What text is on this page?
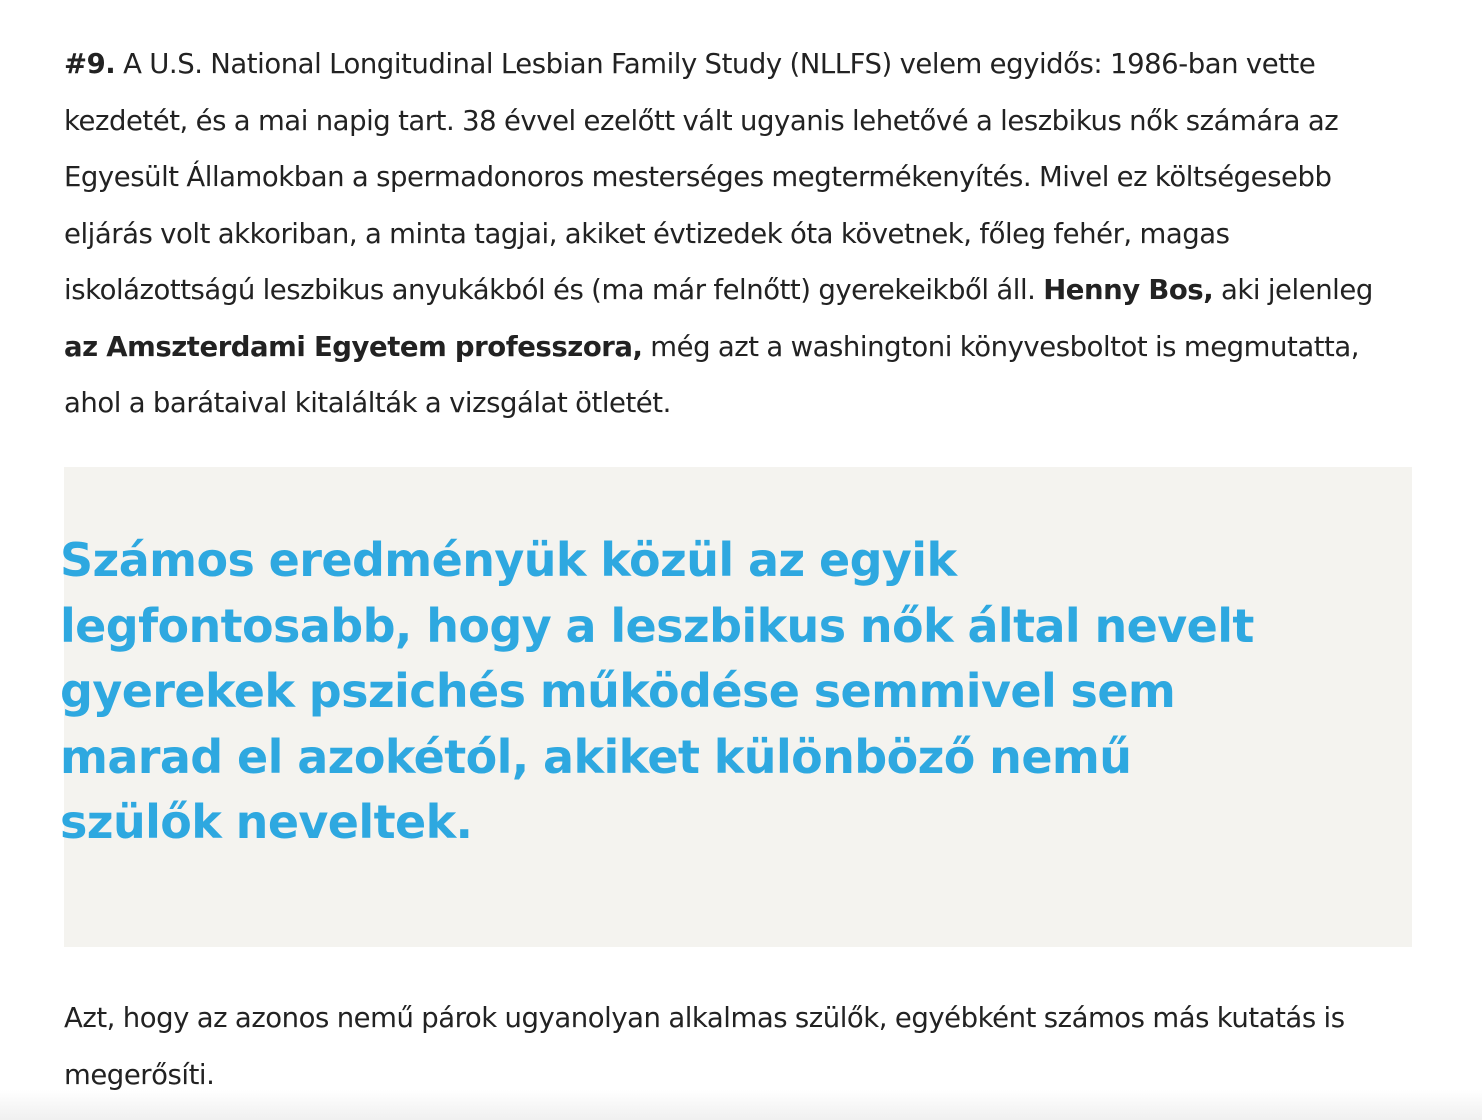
#9. A U.S. National Longitudinal Lesbian Family Study (NLLFS) velem egyidős: 1986-ban vette kezdetét, és a mai napig tart. 38 évvel ezelőtt vált ugyanis lehetővé a leszbikus nők számára az Egyesült Államokban a spermadonoros mesterséges megtermékenyítés. Mivel ez költségesebb eljárás volt akkoriban, a minta tagjai, akiket évtizedek óta követnek, főleg fehér, magas iskolázottságú leszbikus anyukákból és (ma már felnőtt) gyerekeikből áll. Henny Bos, aki jelenleg az Amszterdami Egyetem professzora, még azt a washingtoni könyvesboltot is megmutatta, ahol a barátaival kitalálták a vizsgálat ötletét.

Azt, hogy az azonos nemű párok ugyanolyan alkalmas szülők, egyébként számos más kutatás is megerősíti.

Számos eredményük közül az egyik legfontosabb, hogy a leszbikus nők által nevelt gyerekek pszichés működése semmivel sem marad el azokétól, akiket különböző nemű szülők neveltek.
